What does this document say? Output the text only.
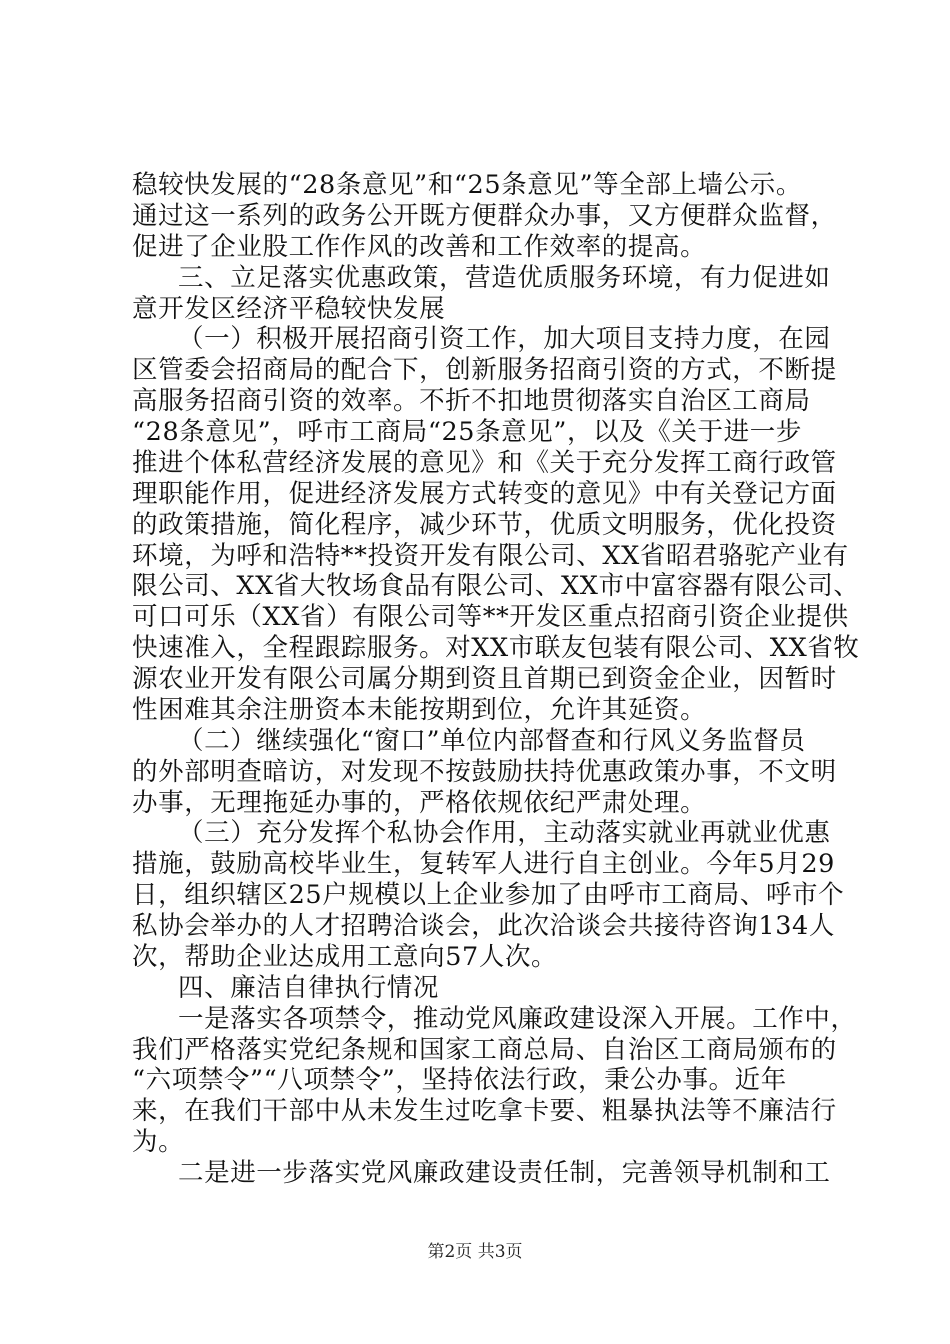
稳较快发展的“28条意见”和“25条意见”等全部上墙公示。
通过这一系列的政务公开既方便群众办事，又方便群众监督，
促进了企业股工作作风的改善和工作效率的提高。
三、立足落实优惠政策，营造优质服务环境，有力促进如
意开发区经济平稳较快发展
（一）积极开展招商引资工作，加大项目支持力度，在园
区管委会招商局的配合下，创新服务招商引资的方式，不断提
高服务招商引资的效率。不折不扣地贯彻落实自治区工商局
“28条意见”，呼市工商局“25条意见”，以及《关于进一步
推进个体私营经济发展的意见》和《关于充分发挥工商行政管
理职能作用，促进经济发展方式转变的意见》中有关登记方面
的政策措施，简化程序，减少环节，优质文明服务，优化投资
环境，为呼和浩特**投资开发有限公司、XX省昭君骆驼产业有
限公司、XX省大牧场食品有限公司、XX市中富容器有限公司、
可口可乐（XX省）有限公司等**开发区重点招商引资企业提供
快速准入，全程跟踪服务。对XX市联友包装有限公司、XX省牧
源农业开发有限公司属分期到资且首期已到资金企业，因暂时
性困难其余注册资本未能按期到位，允许其延资。
（二）继续强化“窗口”单位内部督查和行风义务监督员
的外部明查暗访，对发现不按鼓励扶持优惠政策办事，不文明
办事，无理拖延办事的，严格依规依纪严肃处理。
（三）充分发挥个私协会作用，主动落实就业再就业优惠
措施，鼓励高校毕业生，复转军人进行自主创业。今年5月29
日，组织辖区25户规模以上企业参加了由呼市工商局、呼市个
私协会举办的人才招聘洽谈会，此次洽谈会共接待咨询134人
次，帮助企业达成用工意向57人次。
四、廉洁自律执行情况
一是落实各项禁令，推动党风廉政建设深入开展。工作中，
我们严格落实党纪条规和国家工商总局、自治区工商局颁布的
“六项禁令”“八项禁令”，坚持依法行政，秉公办事。近年
来，在我们干部中从未发生过吃拿卡要、粗暴执法等不廉洁行
为。
二是进一步落实党风廉政建设责任制，完善领导机制和工
第2页 共3页
